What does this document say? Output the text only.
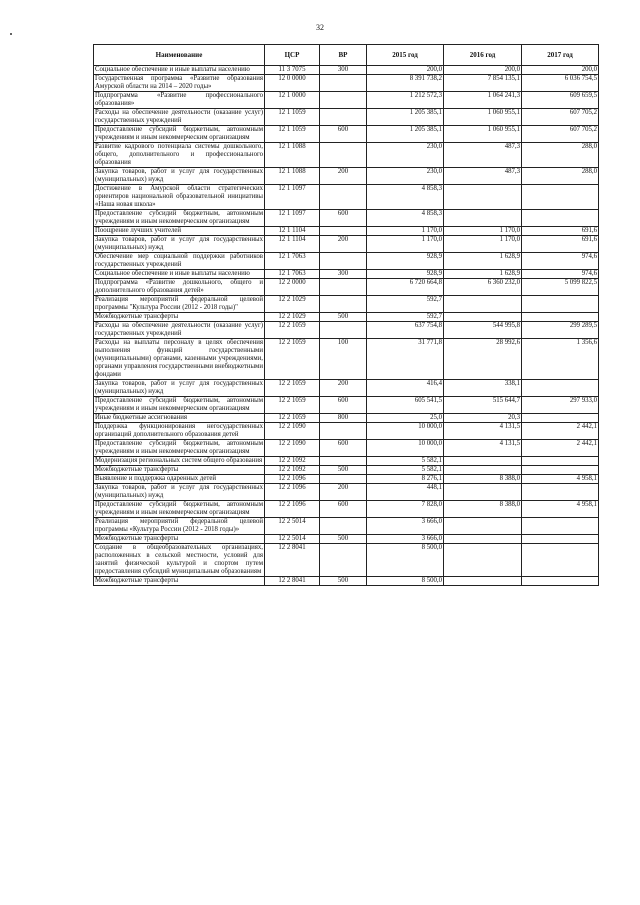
32
Наименование	ЦСР	ВР	2015 год	2016 год	2017 год
Социальное обеспечение и иные выплаты населению	11 3 7075	300	200,0	200,0	200,0
Государственная программа «Развитие образования Амурской области на 2014 – 2020 годы»	12 0 0000		8 391 738,2	7 854 135,1	6 036 754,5
Подпрограмма «Развитие профессионального образования»	12 1 0000		1 212 572,3	1 064 241,3	609 659,5
Расходы на обеспечение деятельности (оказание услуг) государственных учреждений	12 1 1059		1 205 385,1	1 060 955,1	607 705,2
Предоставление субсидий бюджетным, автономным учреждениям и иным некоммерческим организациям	12 1 1059	600	1 205 385,1	1 060 955,1	607 705,2
Развитие кадрового потенциала системы дошкольного, общего, дополнительного и профессионального образования	12 1 1088		230,0	487,3	288,0
Закупка товаров, работ и услуг для государственных (муниципальных) нужд	12 1 1088	200	230,0	487,3	288,0
Достижение в Амурской области стратегических ориентиров национальной образовательной инициативы «Наша новая школа»	12 1 1097		4 858,3		
Предоставление субсидий бюджетным, автономным учреждениям и иным некоммерческим организациям	12 1 1097	600	4 858,3		
Поощрение лучших учителей	12 1 1104		1 170,0	1 170,0	691,6
Закупка товаров, работ и услуг для государственных (муниципальных) нужд	12 1 1104	200	1 170,0	1 170,0	691,6
Обеспечение мер социальной поддержки работников государственных учреждений	12 1 7063		928,9	1 628,9	974,6
Социальное обеспечение и иные выплаты населению	12 1 7063	300	928,9	1 628,9	974,6
Подпрограмма «Развитие дошкольного, общего и дополнительного образования детей»	12 2 0000		6 720 664,8	6 360 232,0	5 099 822,5
Реализация мероприятий федеральной целевой программы "Культура России (2012 - 2018 годы)"	12 2 1029		592,7		
Межбюджетные трансферты	12 2 1029	500	592,7		
Расходы на обеспечение деятельности (оказание услуг) государственных учреждений	12 2 1059		637 754,8	544 995,8	299 289,5
Расходы на выплаты персоналу в целях обеспечения выполнения функций государственными (муниципальными) органами, казенными учреждениями, органами управления государственными внебюджетными фондами	12 2 1059	100	31 771,8	28 992,6	1 356,6
Закупка товаров, работ и услуг для государственных (муниципальных) нужд	12 2 1059	200	416,4	338,1	
Предоставление субсидий бюджетным, автономным учреждениям и иным некоммерческим организациям	12 2 1059	600	605 541,5	515 644,7	297 933,0
Иные бюджетные ассигнования	12 2 1059	800	25,0	20,3	
Поддержка функционирования негосударственных организаций дополнительного образования детей	12 2 1090		10 000,0	4 131,5	2 442,1
Предоставление субсидий бюджетным, автономным учреждениям и иным некоммерческим организациям	12 2 1090	600	10 000,0	4 131,5	2 442,1
Модернизация региональных систем общего образования	12 2 1092		5 582,1		
Межбюджетные трансферты	12 2 1092	500	5 582,1		
Выявление и поддержка одаренных детей	12 2 1096		8 276,1	8 388,0	4 958,1
Закупка товаров, работ и услуг для государственных (муниципальных) нужд	12 2 1096	200	448,1		
Предоставление субсидий бюджетным, автономным учреждениям и иным некоммерческим организациям	12 2 1096	600	7 828,0	8 388,0	4 958,1
Реализация мероприятий федеральной целевой программы «Культура России (2012 - 2018 годы)»	12 2 5014		3 666,0		
Межбюджетные трансферты	12 2 5014	500	3 666,0		
Создание в общеобразовательных организациях, расположенных в сельской местности, условий для занятий физической культурой и спортом путем предоставления субсидий муниципальным образованиям	12 2 8041		8 500,0		
Межбюджетные трансферты	12 2 8041	500	8 500,0		
